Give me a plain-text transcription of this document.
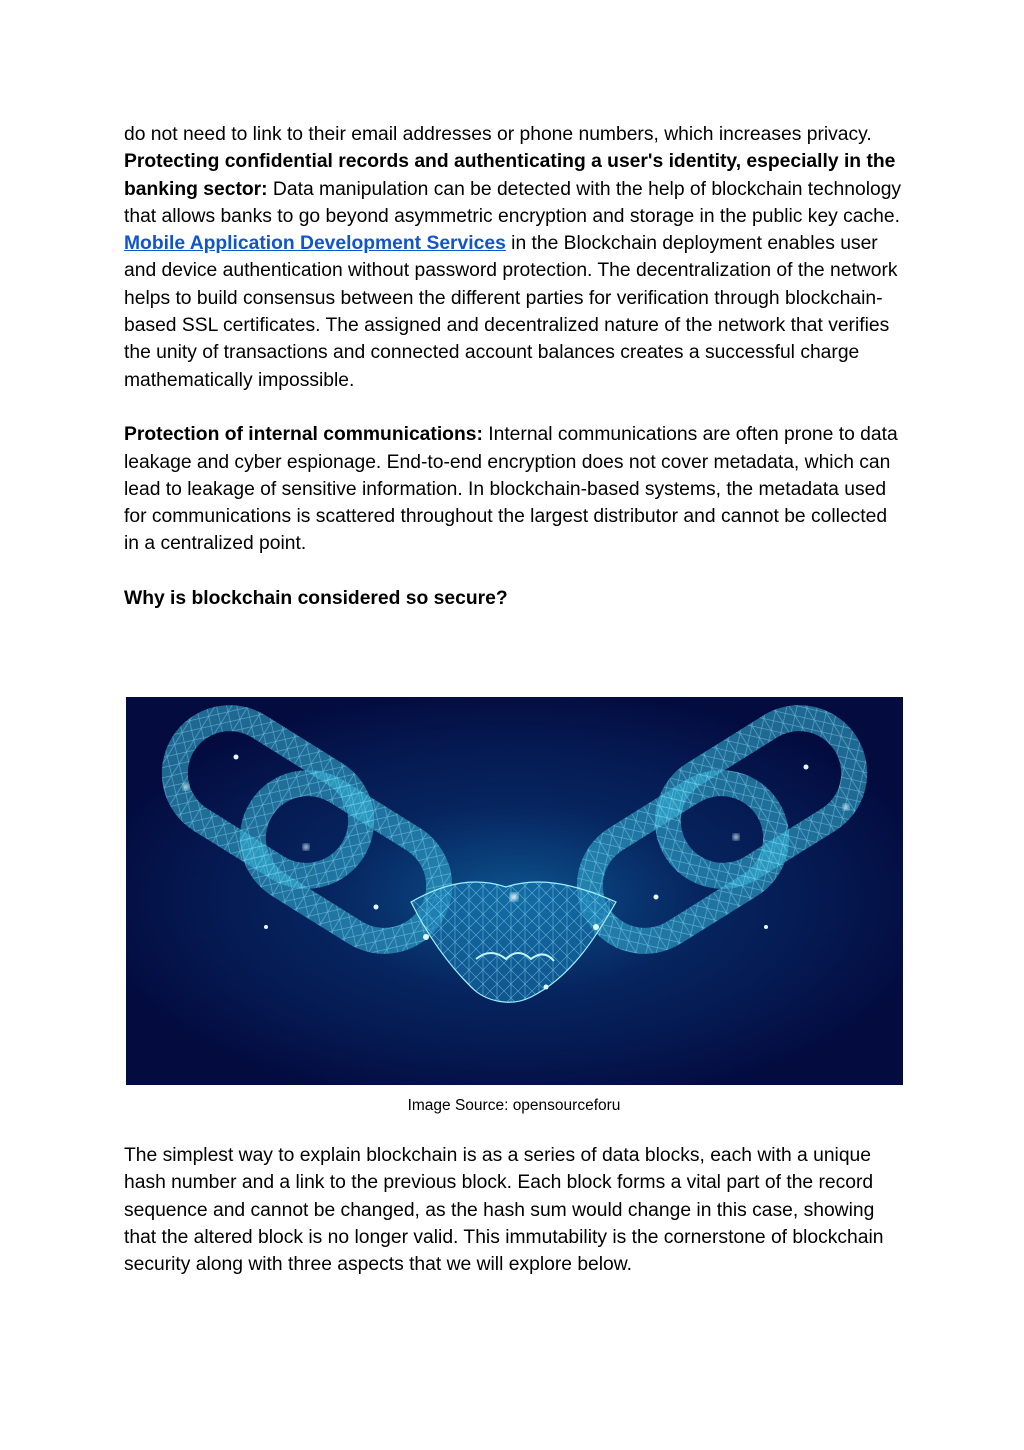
do not need to link to their email addresses or phone numbers, which increases privacy.

Protecting confidential records and authenticating a user's identity, especially in the banking sector: Data manipulation can be detected with the help of blockchain technology that allows banks to go beyond asymmetric encryption and storage in the public key cache. Mobile Application Development Services in the Blockchain deployment enables user and device authentication without password protection. The decentralization of the network helps to build consensus between the different parties for verification through blockchain-based SSL certificates. The assigned and decentralized nature of the network that verifies the unity of transactions and connected account balances creates a successful charge mathematically impossible.

Protection of internal communications: Internal communications are often prone to data leakage and cyber espionage. End-to-end encryption does not cover metadata, which can lead to leakage of sensitive information. In blockchain-based systems, the metadata used for communications is scattered throughout the largest distributor and cannot be collected in a centralized point.

Why is blockchain considered so secure?

Image Source: opensourceforu

The simplest way to explain blockchain is as a series of data blocks, each with a unique hash number and a link to the previous block. Each block forms a vital part of the record sequence and cannot be changed, as the hash sum would change in this case, showing that the altered block is no longer valid. This immutability is the cornerstone of blockchain security along with three aspects that we will explore below.
